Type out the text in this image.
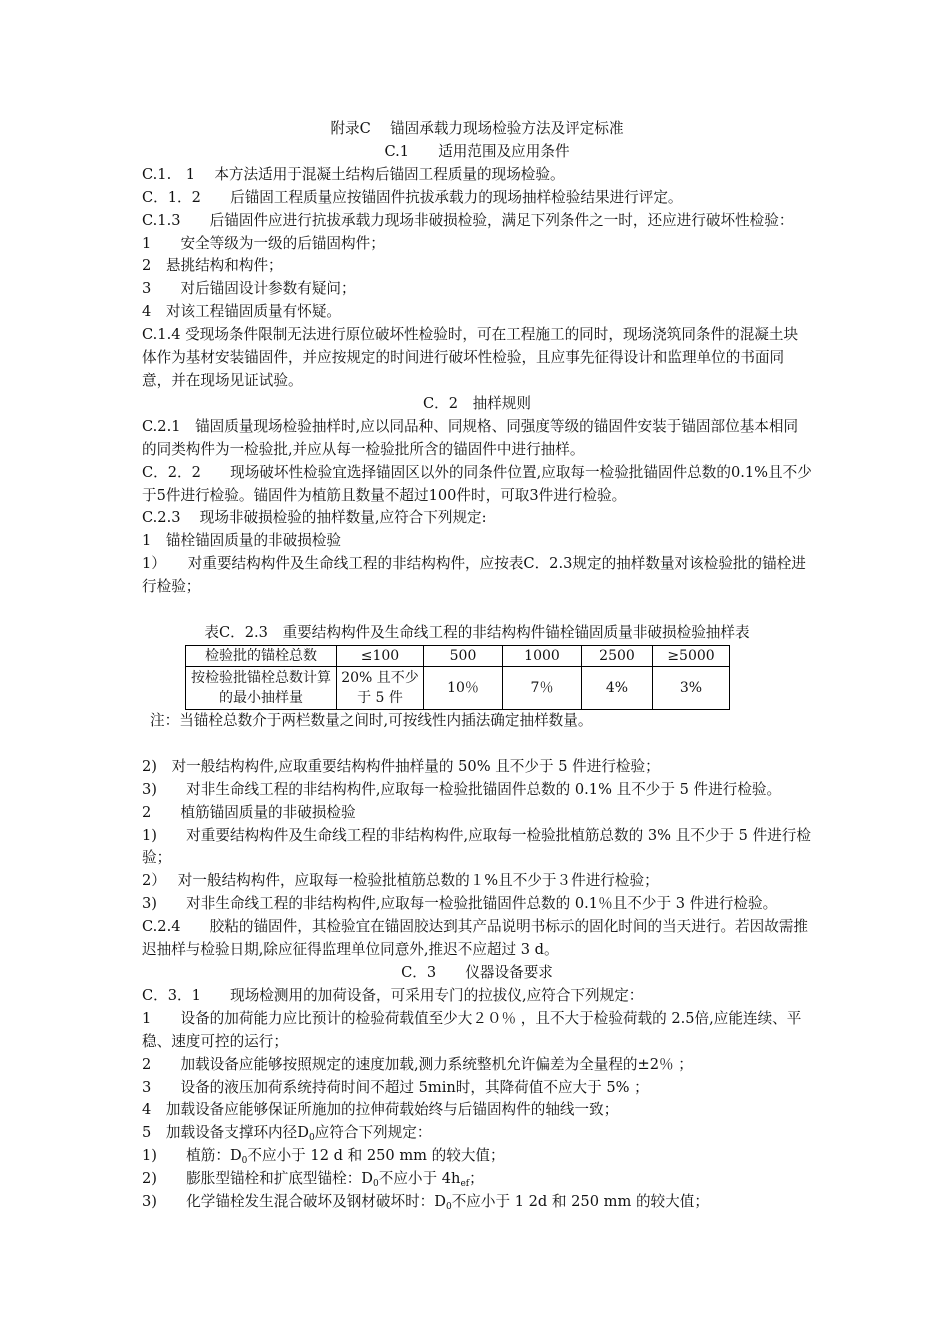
附录C　 锚固承载力现场检验方法及评定标准
C.1　　适用范围及应用条件
C.1.　1　 本方法适用于混凝土结构后锚固工程质量的现场检验。
C．1．2　　后锚固工程质量应按锚固件抗拔承载力的现场抽样检验结果进行评定。
C.1.3　　后锚固件应进行抗拔承载力现场非破损检验，满足下列条件之一时，还应进行破坏性检验：
1　　安全等级为一级的后锚固构件；
2　悬挑结构和构件；
3　　对后锚固设计参数有疑问；
4　对该工程锚固质量有怀疑。
C.1.4 受现场条件限制无法进行原位破坏性检验时，可在工程施工的同时，现场浇筑同条件的混凝土块体作为基材安装锚固件，并应按规定的时间进行破坏性检验，且应事先征得设计和监理单位的书面同意，并在现场见证试验。
C．2　抽样规则
C.2.1　锚固质量现场检验抽样时,应以同品种、同规格、同强度等级的锚固件安装于锚固部位基本相同的同类构件为一检验批,并应从每一检验批所含的锚固件中进行抽样。
C．2．2　　现场破坏性检验宜选择锚固区以外的同条件位置,应取每一检验批锚固件总数的0.1%且不少于5件进行检验。锚固件为植筋且数量不超过100件时，可取3件进行检验。
C.2.3　 现场非破损检验的抽样数量,应符合下列规定:
1　锚栓锚固质量的非破损检验
1）　　对重要结构构件及生命线工程的非结构构件，应按表C．2.3规定的抽样数量对该检验批的锚栓进行检验；
表C．2.3　重要结构构件及生命线工程的非结构构件锚栓锚固质量非破损检验抽样表
检验批的锚栓总数	≤100	500	1000	2500	≥5000
按检验批锚栓总数计算的最小抽样量	20% 且不少于 5 件	10％	7％	4%	3%
注：当锚栓总数介于两栏数量之间时,可按线性内插法确定抽样数量。
2)　对一般结构构件,应取重要结构构件抽样量的 50% 且不少于 5 件进行检验；
3)　　对非生命线工程的非结构构件,应取每一检验批锚固件总数的 0.1% 且不少于 5 件进行检验。
2　　植筋锚固质量的非破损检验
1)　　对重要结构构件及生命线工程的非结构构件,应取每一检验批植筋总数的 3% 且不少于 5 件进行检验；
2）　 对一般结构构件，应取每一检验批植筋总数的１%且不少于３件进行检验；
3)　　对非生命线工程的非结构构件,应取每一检验批锚固件总数的 0.1％且不少于 3 件进行检验。
C.2.4　　胶粘的锚固件，其检验宜在锚固胶达到其产品说明书标示的固化时间的当天进行。若因故需推迟抽样与检验日期,除应征得监理单位同意外,推迟不应超过 3 d。
C．3　　仪器设备要求
C．3．1　　现场检测用的加荷设备，可采用专门的拉拔仪,应符合下列规定：
1　　设备的加荷能力应比预计的检验荷载值至少大２０％ ，且不大于检验荷载的 2.5倍,应能连续、平稳、速度可控的运行；
2　　加载设备应能够按照规定的速度加载,测力系统整机允许偏差为全量程的±2％ ；
3　　设备的液压加荷系统持荷时间不超过 5min时，其降荷值不应大于 5% ；
4　加载设备应能够保证所施加的拉伸荷载始终与后锚固构件的轴线一致；
5　加载设备支撑环内径$D_0$应符合下列规定：
1)　　植筋：$D_0$不应小于 12 d 和 250 mm 的较大值；
2)　　膨胀型锚栓和扩底型锚栓：$D_0$不应小于 $4h_{ef}$；
3)　　化学锚栓发生混合破坏及钢材破坏时：$D_0$不应小于 1 2d 和 250 mm 的较大值；
